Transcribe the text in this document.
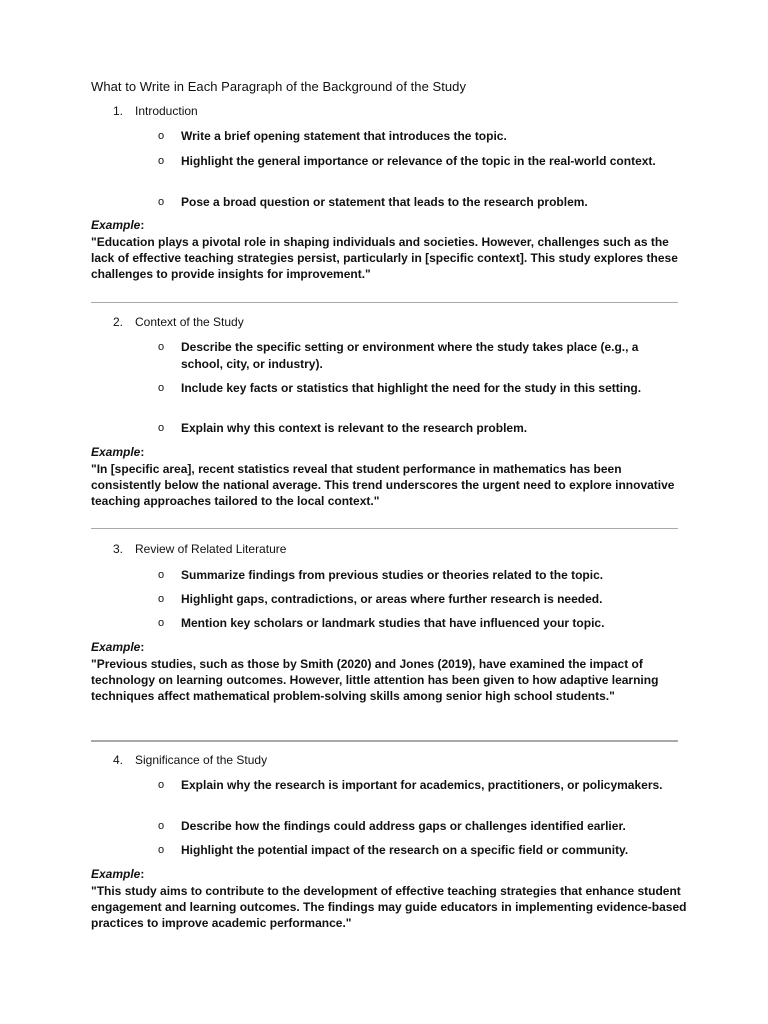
What to Write in Each Paragraph of the Background of the Study
1. Introduction
o Write a brief opening statement that introduces the topic.
o Highlight the general importance or relevance of the topic in the real-world context.
o Pose a broad question or statement that leads to the research problem.
Example:
"Education plays a pivotal role in shaping individuals and societies. However, challenges such as the lack of effective teaching strategies persist, particularly in [specific context]. This study explores these challenges to provide insights for improvement."
2. Context of the Study
o Describe the specific setting or environment where the study takes place (e.g., a school, city, or industry).
o Include key facts or statistics that highlight the need for the study in this setting.
o Explain why this context is relevant to the research problem.
Example:
"In [specific area], recent statistics reveal that student performance in mathematics has been consistently below the national average. This trend underscores the urgent need to explore innovative teaching approaches tailored to the local context."
3. Review of Related Literature
o Summarize findings from previous studies or theories related to the topic.
o Highlight gaps, contradictions, or areas where further research is needed.
o Mention key scholars or landmark studies that have influenced your topic.
Example:
"Previous studies, such as those by Smith (2020) and Jones (2019), have examined the impact of technology on learning outcomes. However, little attention has been given to how adaptive learning techniques affect mathematical problem-solving skills among senior high school students."
4. Significance of the Study
o Explain why the research is important for academics, practitioners, or policymakers.
o Describe how the findings could address gaps or challenges identified earlier.
o Highlight the potential impact of the research on a specific field or community.
Example:
"This study aims to contribute to the development of effective teaching strategies that enhance student engagement and learning outcomes. The findings may guide educators in implementing evidence-based practices to improve academic performance."
